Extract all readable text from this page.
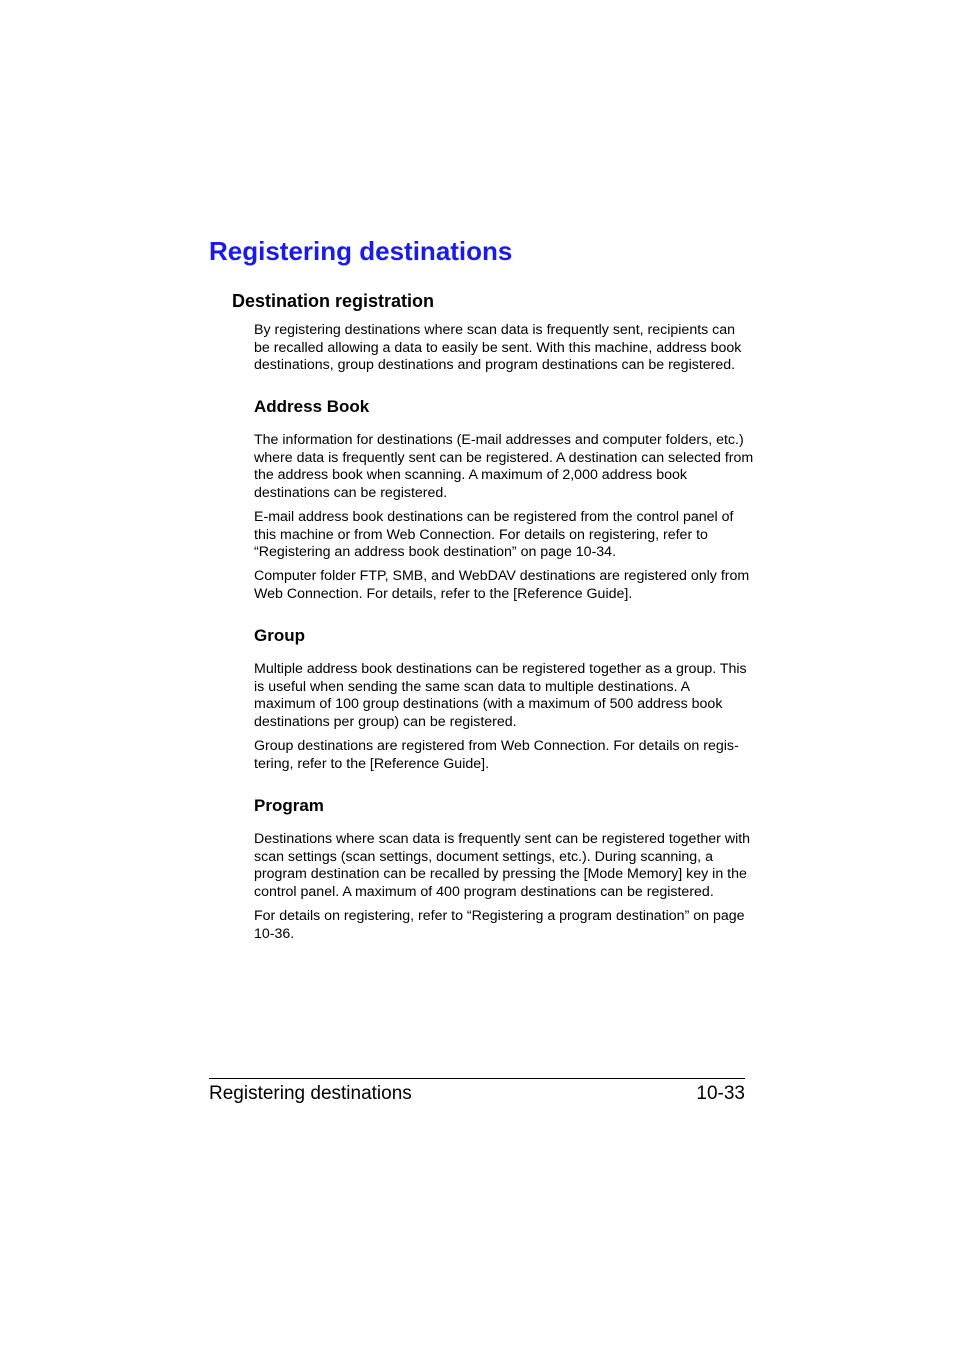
Registering destinations
Destination registration

By registering destinations where scan data is frequently sent, recipients can be recalled allowing a data to easily be sent. With this machine, address book destinations, group destinations and program destinations can be registered.

Address Book

The information for destinations (E-mail addresses and computer folders, etc.) where data is frequently sent can be registered. A destination can selected from the address book when scanning. A maximum of 2,000 address book destinations can be registered.

E-mail address book destinations can be registered from the control panel of this machine or from Web Connection. For details on registering, refer to “Registering an address book destination” on page 10-34.

Computer folder FTP, SMB, and WebDAV destinations are registered only from Web Connection. For details, refer to the [Reference Guide].

Group

Multiple address book destinations can be registered together as a group. This is useful when sending the same scan data to multiple destinations. A maximum of 100 group destinations (with a maximum of 500 address book destinations per group) can be registered.

Group destinations are registered from Web Connection. For details on regis-tering, refer to the [Reference Guide].

Program

Destinations where scan data is frequently sent can be registered together with scan settings (scan settings, document settings, etc.). During scanning, a program destination can be recalled by pressing the [Mode Memory] key in the control panel. A maximum of 400 program destinations can be registered.

For details on registering, refer to “Registering a program destination” on page 10-36.

Registering destinations	10-33
